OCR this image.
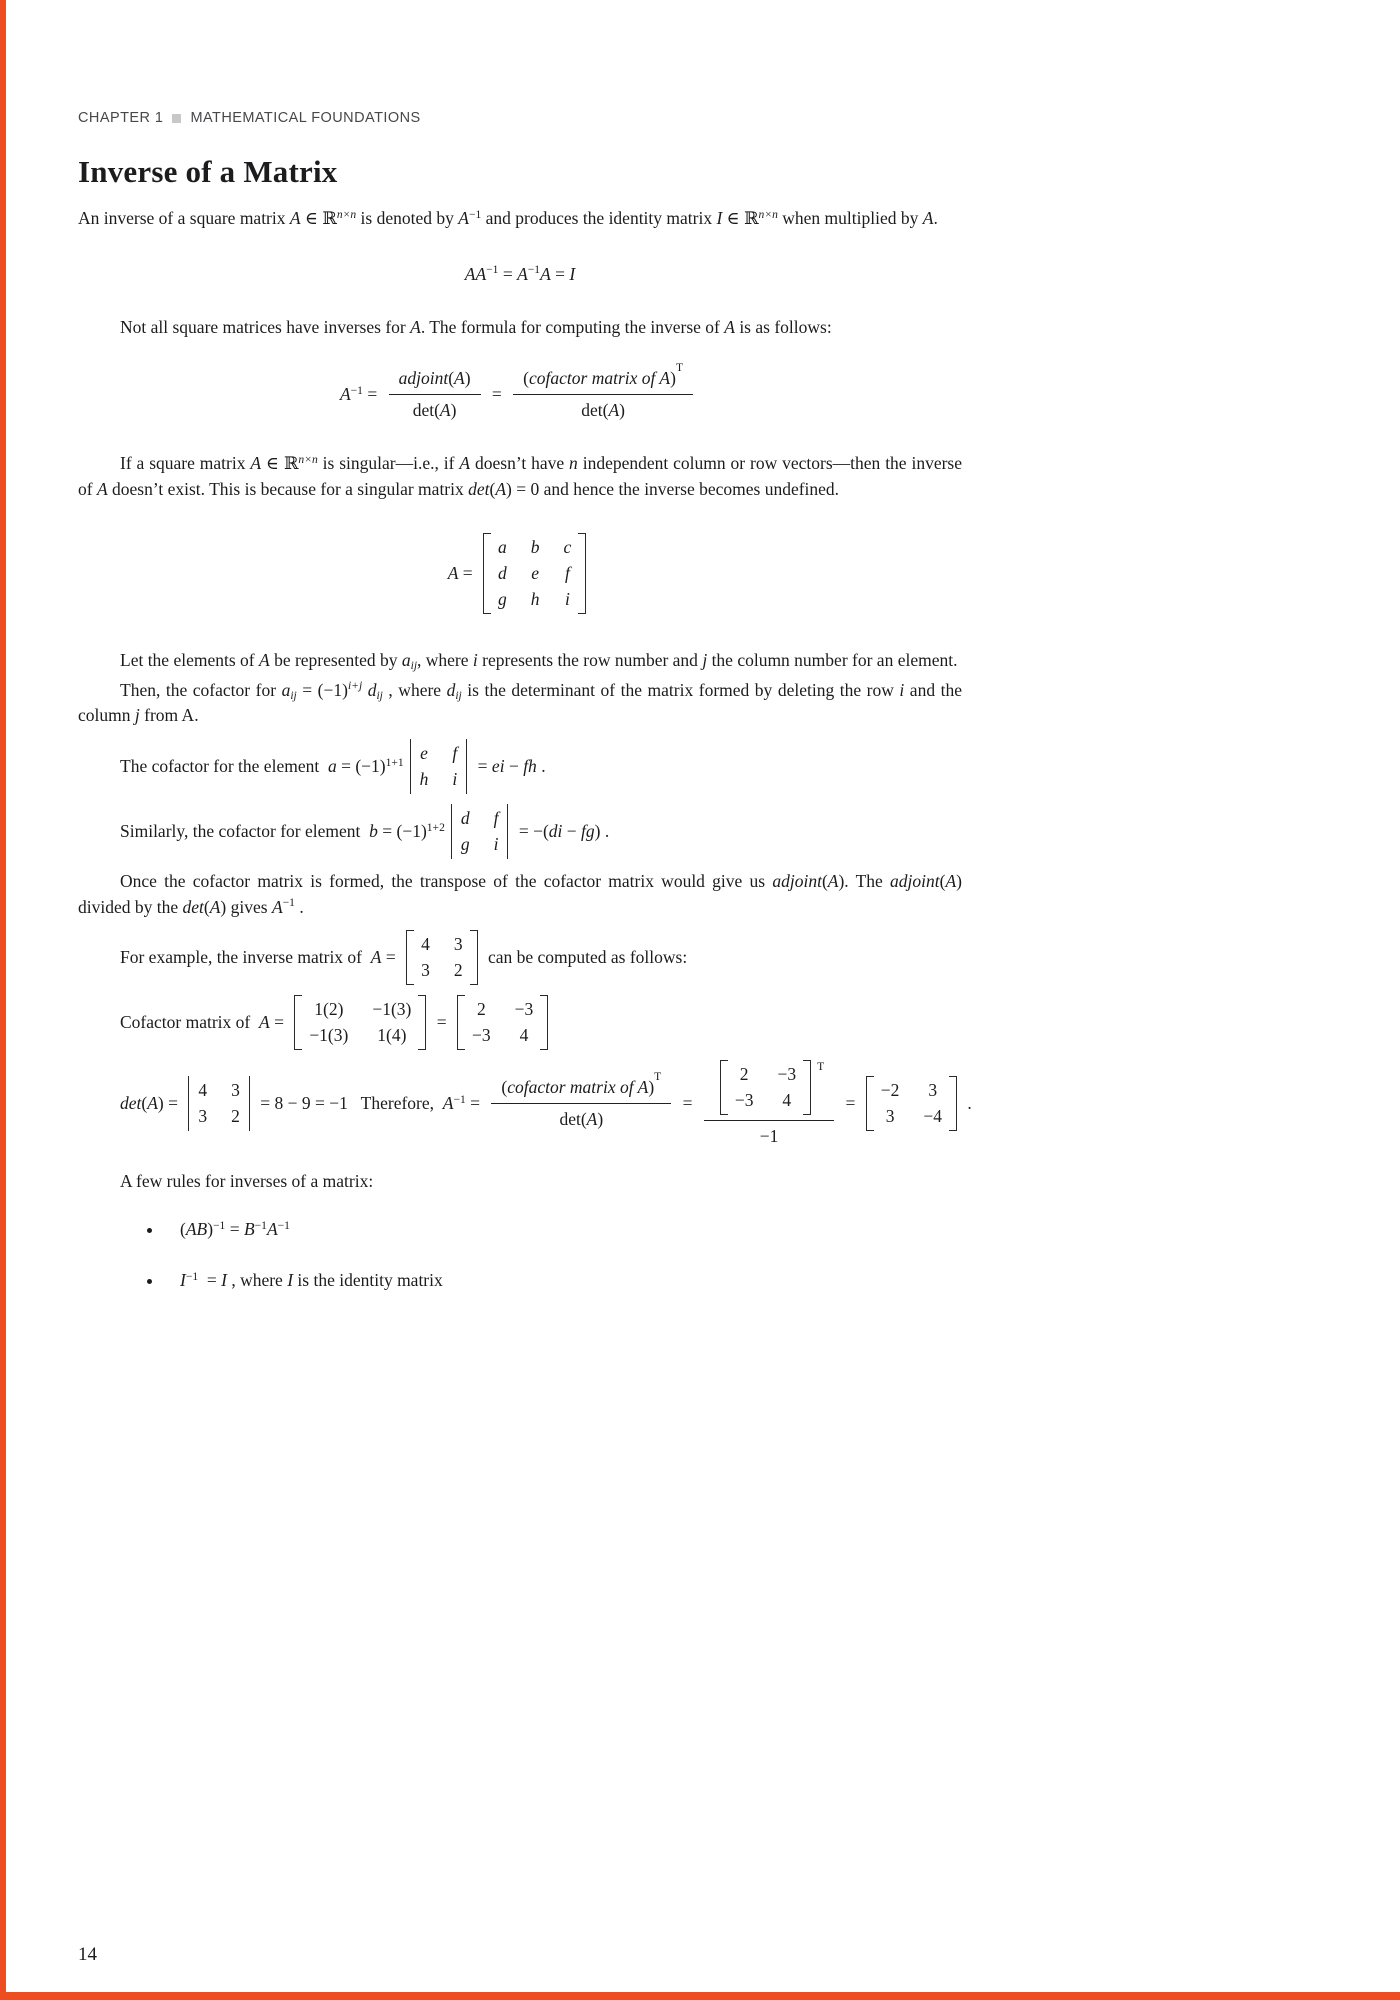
CHAPTER 1 MATHEMATICAL FOUNDATIONS
Inverse of a Matrix

An inverse of a square matrix A ∈ ℝ$^{n\times n}$ is denoted by $A^{-1}$ and produces the identity matrix I ∈ ℝ$^{n\times n}$ when multiplied by A.

$AA^{-1} = A^{-1}A = I$

Not all square matrices have inverses for A. The formula for computing the inverse of A is as follows:

$A^{-1} = \frac{\text{adjoint ( A )}}{\det(A)}$ = ( cofactor matrix of A )
T
det(A)

If a square matrix A ∈ ℝ$^{n\times n}$ is singular—i.e., if A doesn’t have n independent column or row vectors—then the inverse of A doesn’t exist. This is because for a singular matrix det(A) = 0 and hence the inverse becomes undefined.

A =
a b c
d e f
g h i

Let the elements of A be represented by aij, where i represents the row number and j the column number for an element.

Then, the cofactor for aij = $(-1)^{i+j}$ dij , where dij is the determinant of the matrix formed by deleting the row i and the column j from A.

The cofactor for the element  $a = (-1)^{1+1}$ e f
h i
= ei − fh .
Similarly, the cofactor for element  $b = (-1)^{1+2}$ d f
g i
= −(di − fg) .

Once the cofactor matrix is formed, the transpose of the cofactor matrix would give us adjoint(A). The adjoint(A) divided by the det(A) gives $A^{-1}$ .

For example, the inverse matrix of  A =
4 3
3 2
can be computed as follows:
Cofactor matrix of  A =
1(2) −1(3)
−1(3) 1(4)
=
2 −3
−3 4
det(A) =
4 3
3 2
= 8 − 9 = −1   Therefore,  $A^{-1}$ = ( cofactor matrix of A )
T
det(A) = 2 −3
−3 4
T
−1 =
−2 3
3 −4
.

A few rules for inverses of a matrix:

• $(AB)^{-1} = B^{-1}A^{-1}$
• $I^{-1} = I$ , where I is the identity matrix
14
